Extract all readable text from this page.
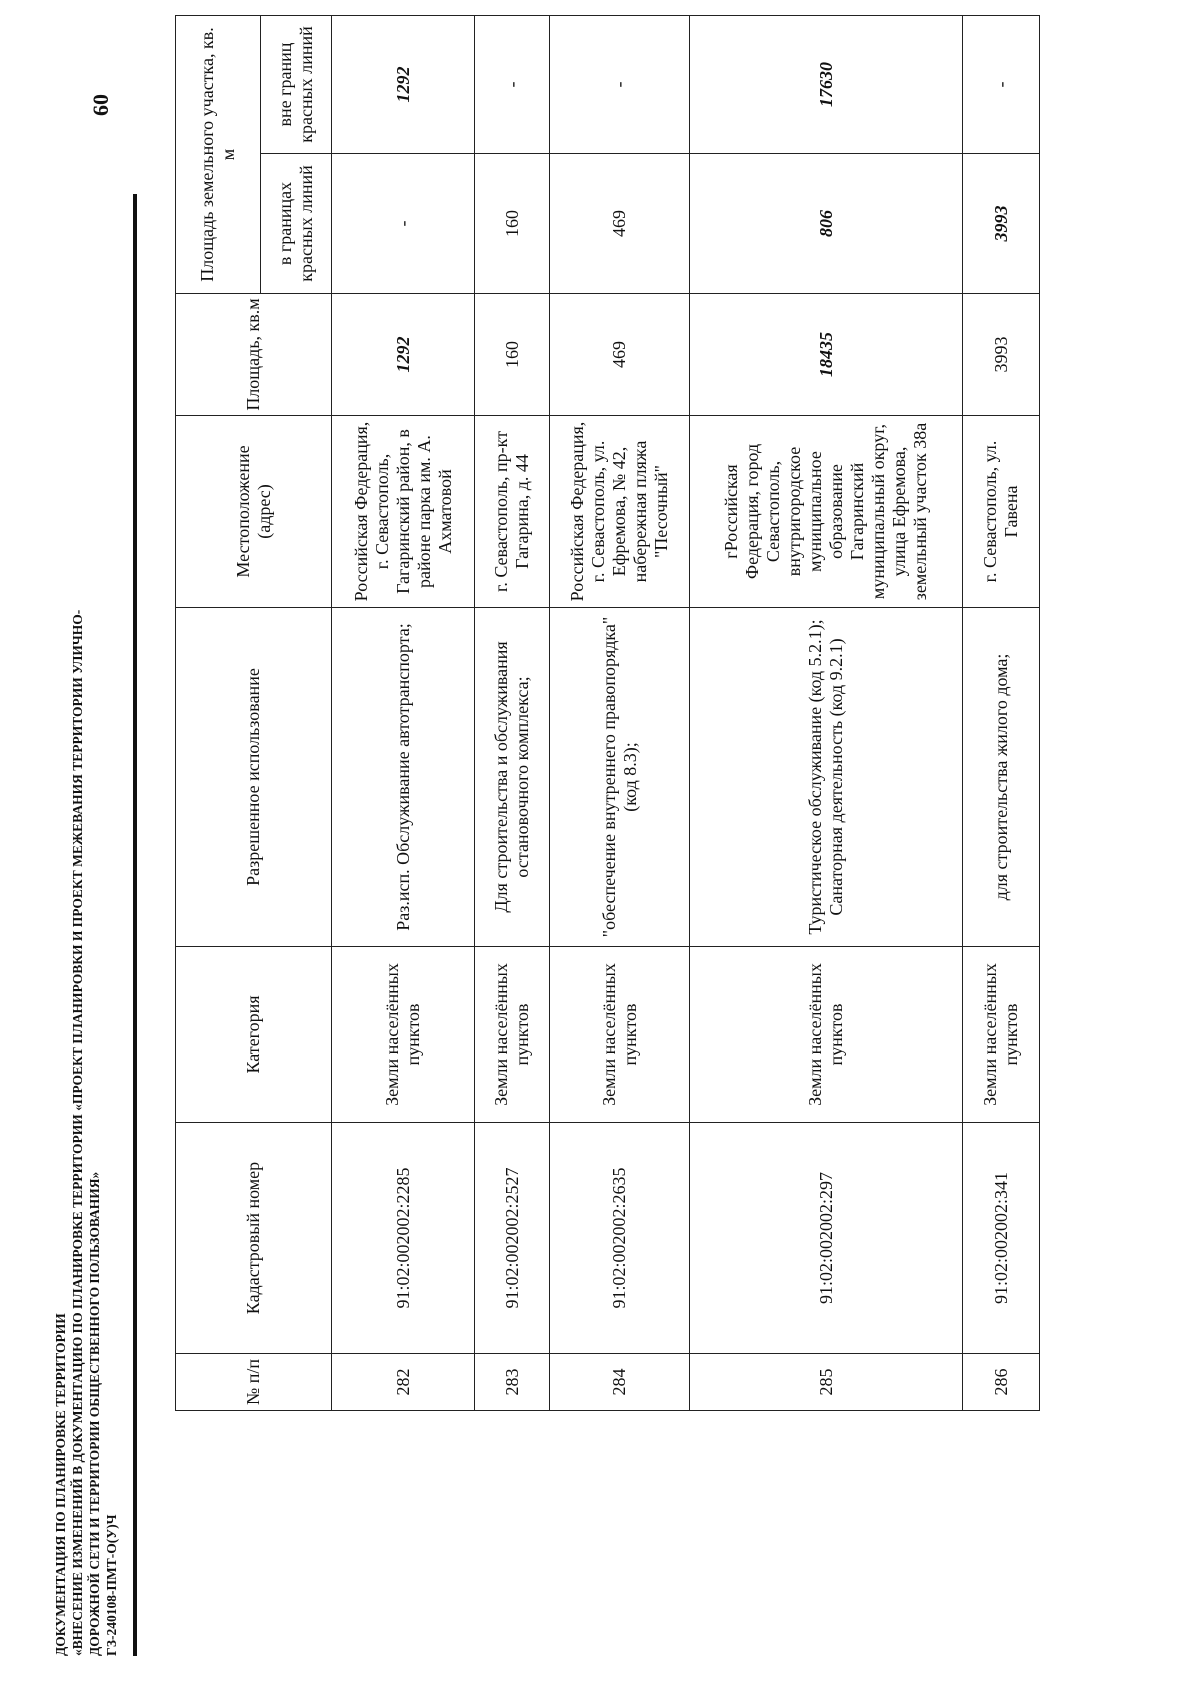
60
ДОКУМЕНТАЦИЯ ПО ПЛАНИРОВКЕ ТЕРРИТОРИИ «ВНЕСЕНИЕ ИЗМЕНЕНИЙ В ДОКУМЕНТАЦИЮ ПО ПЛАНИРОВКЕ ТЕРРИТОРИИ «ПРОЕКТ ПЛАНИРОВКИ И ПРОЕКТ МЕЖЕВАНИЯ ТЕРРИТОРИИ УЛИЧНО- ДОРОЖНОЙ СЕТИ И ТЕРРИТОРИИ ОБЩЕСТВЕННОГО ПОЛЬЗОВАНИЯ» ГЗ-240108-ПМТ-О(У)Ч
№ п/п	Кадастровый номер	Категория	Разрешенное использование	Местоположение (адрес)	Площадь, кв.м	Площадь земельного участка, кв. м	
						в границах красных линий	вне границ красных линий
282	91:02:002002:2285	Земли населённых пунктов	Раз.исп. Обслуживание автотранспорта;	Российская Федерация, г. Севастополь, Гагаринский район, в районе парка им. А. Ахматовой	1292	-	1292
283	91:02:002002:2527	Земли населённых пунктов	Для строительства и обслуживания остановочного комплекса;	г. Севастополь, пр-кт Гагарина, д. 44	160	160	-
284	91:02:002002:2635	Земли населённых пунктов	"обеспечение внутреннего правопорядка" (код 8.3);	Российская Федерация, г. Севастополь, ул. Ефремова, № 42, набережная пляжа "Песочный"	469	469	-
285	91:02:002002:297	Земли населённых пунктов	Туристическое обслуживание (код 5.2.1); Санаторная деятельность (код 9.2.1)	гРоссийская Федерация, город Севастополь, внутригородское муниципальное образование Гагаринский муниципальный округ, улица Ефремова, земельный участок 38а	18435	806	17630
286	91:02:002002:341	Земли населённых пунктов	для строительства жилого дома;	г. Севастополь, ул. Гавена	3993	3993	-
